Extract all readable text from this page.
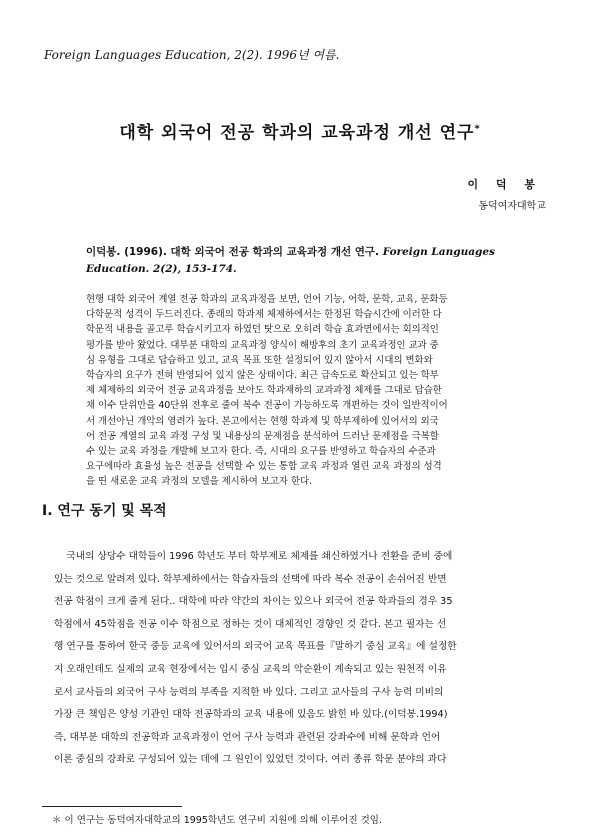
Foreign Languages Education, 2(2). 1996년 여름.
대학 외국어 전공 학과의 교육과정 개선 연구*
이 덕 봉
동덕여자대학교
이덕봉. (1996). 대학 외국어 전공 학과의 교육과정 개선 연구. Foreign Languages
Education. 2(2), 153-174.
현행 대학 외국어 계열 전공 학과의 교육과정을 보면, 언어 기능, 어학, 문학, 교육, 문화등
다학문적 성격이 두드러진다. 종래의 학과제 체제하에서는 한정된 학습시간에 이러한 다
학문적 내용을 골고루 학습시키고자 하였던 탓으로 오히려 학습 효과면에서는 회의적인
평가를 받아 왔었다. 대부분 대학의 교육과정 양식이 해방후의 초기 교육과정인 교과 중
심 유형을 그대로 답습하고 있고, 교육 목표 또한 설정되어 있지 않아서 시대의 변화와
학습자의 요구가 전혀 반영되어 있지 않은 상태이다. 최근 급속도로 확산되고 있는 학부
제 체제하의 외국어 전공 교육과정을 보아도 학과제하의 교과과정 체제를 그대로 답습한
채 이수 단위만을 40단위 전후로 줄여 복수 전공이 가능하도록 개편하는 것이 일반적이어
서 개선아닌 개악의 염려가 높다. 본고에서는 현행 학과제 및 학부제하에 있어서의 외국
어 전공 계열의 교육 과정 구성 및 내용상의 문제점을 분석하여 드러난 문제점을 극복할
수 있는 교육 과정을 개발해 보고자 한다. 즉, 시대의 요구를 반영하고 학습자의 수준과
요구에따라 효율성 높은 전공을 선택할 수 있는 통합 교육 과정과 열린 교육 과정의 성격
을 띤 새로운 교육 과정의 모델을 제시하여 보고자 한다.
Ⅰ. 연구 동기 및 목적
국내의 상당수 대학들이 1996 학년도 부터 학부제로 체제를 쇄신하였거나 전환을 준비 중에
있는 것으로 알려져 있다. 학부제하에서는 학습자들의 선택에 따라 복수 전공이 손쉬어진 반면
전공 학점이 크게 줄게 된다.. 대학에 따라 약간의 차이는 있으나 외국어 전공 학과들의 경우 35
학점에서 45학점을 전공 이수 학점으로 정하는 것이 대체적인 경향인 것 같다. 본고 필자는 선
행 연구를 통하여 한국 중등 교육에 있어서의 외국어 교육 목표를『말하기 중심 교육』에 설정한
지 오래인데도 실제의 교육 현장에서는 입시 중심 교육의 악순환이 계속되고 있는 원천적 이유
로서 교사들의 외국어 구사 능력의 부족을 지적한 바 있다. 그리고 교사들의 구사 능력 미비의
가장 큰 책임은 양성 기관인 대학 전공학과의 교육 내용에 있음도 밝힌 바 있다.(이덕봉.1994)
즉, 대부분 대학의 전공학과 교육과정이 언어 구사 능력과 관련된 강좌수에 비해 문학과 언어
이론 중심의 강좌로 구성되어 있는 데에 그 원인이 있었던 것이다. 여러 종류 학문 분야의 과다
＊ 이 연구는 동덕여자대학교의 1995학년도 연구비 지원에 의해 이루어진 것임.
